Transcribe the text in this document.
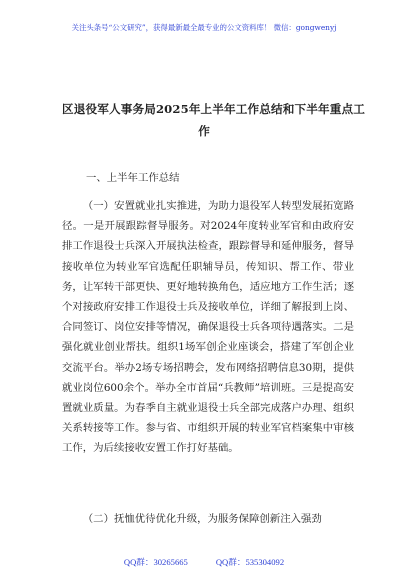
关注头条号“公文研究”，获得最新最全最专业的公文资料库！ 微信：gongwenyj
区退役军人事务局2025年上半年工作总结和下半年重点工
作
一、上半年工作总结
（一）安置就业扎实推进，为助力退役军人转型发展拓宽路径。一是开展跟踪督导服务。对2024年度转业军官和由政府安排工作退役士兵深入开展执法检查，跟踪督导和延伸服务，督导接收单位为转业军官选配任职辅导员，传知识、帮工作、带业务，让军转干部更快、更好地转换角色，适应地方工作生活；逐个对接政府安排工作退役士兵及接收单位，详细了解报到上岗、合同签订、岗位安排等情况，确保退役士兵各项待遇落实。二是强化就业创业帮扶。组织1场军创企业座谈会，搭建了军创企业交流平台。举办2场专场招聘会，发布网络招聘信息30期，提供就业岗位600余个。举办全市首届“兵教师”培训班。三是提高安置就业质量。为春季自主就业退役士兵全部完成落户办理、组织关系转接等工作。参与省、市组织开展的转业军官档案集中审核工作，为后续接收安置工作打好基础。
（二）抚恤优待优化升级，为服务保障创新注入强劲
QQ群：30265665	QQ群：535304092
